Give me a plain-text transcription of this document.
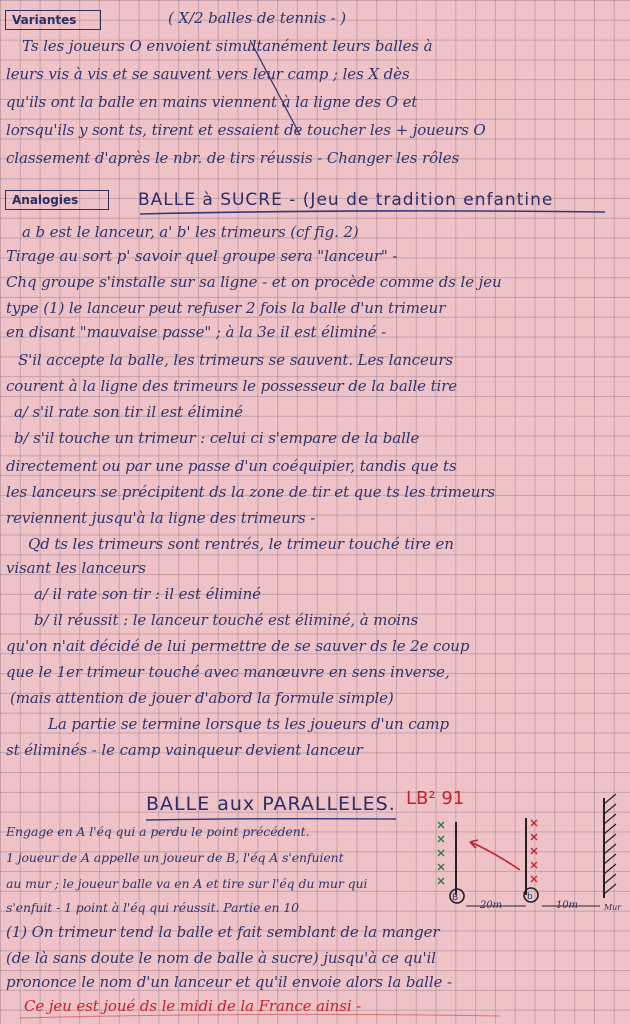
Variantes	( X/2 balles de tennis - )
Ts les joueurs O envoient simultanément leurs balles à
leurs vis à vis et se sauvent vers leur camp ; les X dès
qu'ils ont la balle en mains viennent à la ligne des O et
lorsqu'ils y sont ts, tirent et essaient de toucher les + joueurs O
classement d'après le nbr. de tirs réussis - Changer les rôles
Analogies	BALLE à SUCRE - (Jeu de tradition enfantine
a b est le lanceur, a' b' les trimeurs (cf fig. 2)
Tirage au sort p' savoir quel groupe sera "lanceur" -
Chq groupe s'installe sur sa ligne - et on procède comme ds le jeu
type (1) le lanceur peut refuser 2 fois la balle d'un trimeur
en disant "mauvaise passe" ; à la 3e il est éliminé -
S'il accepte la balle, les trimeurs se sauvent. Les lanceurs
courent à la ligne des trimeurs le possesseur de la balle tire
a/ s'il rate son tir il est éliminé
b/ s'il touche un trimeur : celui ci s'empare de la balle
directement ou par une passe d'un coéquipier, tandis que ts
les lanceurs se précipitent ds la zone de tir et que ts les trimeurs
reviennent jusqu'à la ligne des trimeurs -
Qd ts les trimeurs sont rentrés, le trimeur touché tire en
visant les lanceurs
a/ il rate son tir : il est éliminé
b/ il réussit : le lanceur touché est éliminé, à moins
qu'on n'ait décidé de lui permettre de se sauver ds le 2e coup
que le 1er trimeur touché avec manœuvre en sens inverse,
(mais attention de jouer d'abord la formule simple)
La partie se termine lorsque ts les joueurs d'un camp
st éliminés - le camp vainqueur devient lanceur
BALLE aux PARALLELES. LB² 91
Engage en A l'éq qui a perdu le point précédent.
1 joueur de A appelle un joueur de B, l'éq A s'enfuient
au mur ; le joueur balle va en A et tire sur l'éq du mur qui
s'enfuit - 1 point à l'éq qui réussit. Partie en 10
B	b
20m	10m	Mur
(1) On trimeur tend la balle et fait semblant de la manger
(de là sans doute le nom de balle à sucre) jusqu'à ce qu'il
prononce le nom d'un lanceur et qu'il envoie alors la balle -
Ce jeu est joué ds le midi de la France ainsi -
